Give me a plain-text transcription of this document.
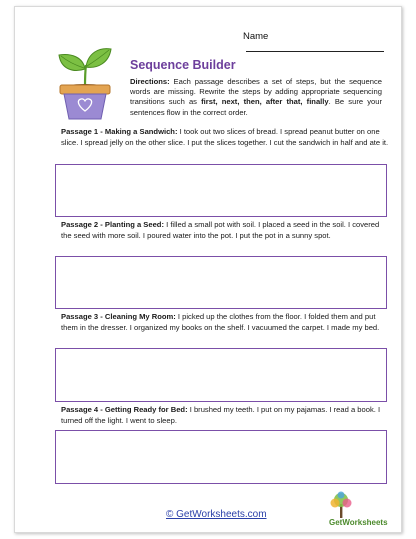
Name
Sequence Builder
Directions: Each passage describes a set of steps, but the sequence words are missing. Rewrite the steps by adding appropriate sequencing transitions such as first, next, then, after that, finally. Be sure your sentences flow in the correct order.
Passage 1 - Making a Sandwich: I took out two slices of bread. I spread peanut butter on one slice. I spread jelly on the other slice. I put the slices together. I cut the sandwich in half and ate it.
Passage 2 - Planting a Seed: I filled a small pot with soil. I placed a seed in the soil. I covered the seed with more soil. I poured water into the pot. I put the pot in a sunny spot.
Passage 3 - Cleaning My Room: I picked up the clothes from the floor. I folded them and put them in the dresser. I organized my books on the shelf. I vacuumed the carpet. I made my bed.
Passage 4 - Getting Ready for Bed: I brushed my teeth. I put on my pajamas. I read a book. I turned off the light. I went to sleep.
© GetWorksheets.com
GetWorksheets
